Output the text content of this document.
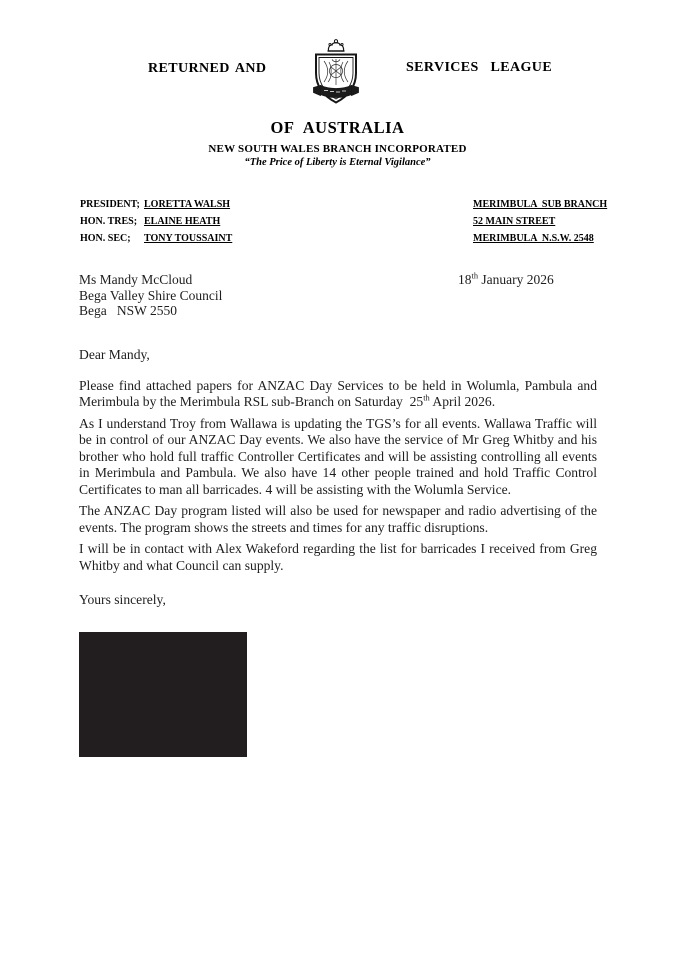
RETURNED AND	SERVICES  LEAGUE
OF  AUSTRALIA
NEW SOUTH WALES BRANCH INCORPORATED
“The Price of Liberty is Eternal Vigilance”
PRESIDENT; LORETTA WALSH
HON. TRES; ELAINE HEATH
HON. SEC;	TONY TOUSSAINT
MERIMBULA  SUB BRANCH
52 MAIN STREET
MERIMBULA  N.S.W. 2548
Ms Mandy McCloud
Bega Valley Shire Council
Bega   NSW 2550
18th January 2026

Dear Mandy,

Please find attached papers for ANZAC Day Services to be held in Wolumla, Pambula and Merimbula by the Merimbula RSL sub-Branch on Saturday  25th April 2026.

As I understand Troy from Wallawa is updating the TGS’s for all events. Wallawa Traffic will be in control of our ANZAC Day events. We also have the service of Mr Greg Whitby and his brother who hold full traffic Controller Certificates and will be assisting controlling all events in Merimbula and Pambula. We also have 14 other people trained and hold Traffic Control Certificates to man all barricades. 4 will be assisting with the Wolumla Service.

The ANZAC Day program listed will also be used for newspaper and radio advertising of the events. The program shows the streets and times for any traffic disruptions.

I will be in contact with Alex Wakeford regarding the list for barricades I received from Greg Whitby and what Council can supply.

Yours sincerely,
